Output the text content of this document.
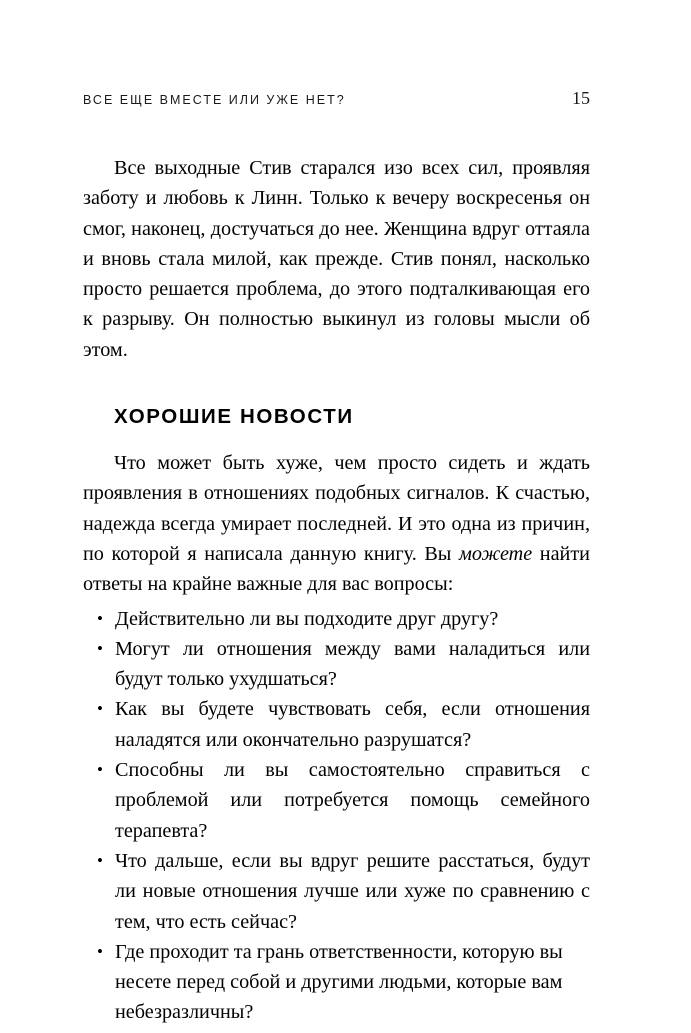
ВСЕ ЕЩЕ ВМЕСТЕ ИЛИ УЖЕ НЕТ?	15

Все выходные Стив старался изо всех сил, проявляя заботу и любовь к Линн. Только к вечеру воскресенья он смог, наконец, достучаться до нее. Женщина вдруг оттаяла и вновь стала милой, как прежде. Стив понял, насколько просто решается проблема, до этого подталкивающая его к разрыву. Он полностью выкинул из головы мысли об этом.

ХОРОШИЕ НОВОСТИ

Что может быть хуже, чем просто сидеть и ждать проявления в отношениях подобных сигналов. К счастью, надежда всегда умирает последней. И это одна из причин, по которой я написала данную книгу. Вы можете найти ответы на крайне важные для вас вопросы:

• Действительно ли вы подходите друг другу?
• Могут ли отношения между вами наладиться или будут только ухудшаться?
• Как вы будете чувствовать себя, если отношения наладятся или окончательно разрушатся?
• Способны ли вы самостоятельно справиться с проблемой или потребуется помощь семейного терапевта?
• Что дальше, если вы вдруг решите расстаться, будут ли новые отношения лучше или хуже по сравнению с тем, что есть сейчас?
• Где проходит та грань ответственности, которую вы несете перед собой и другими людьми, которые вам небезразличны?
